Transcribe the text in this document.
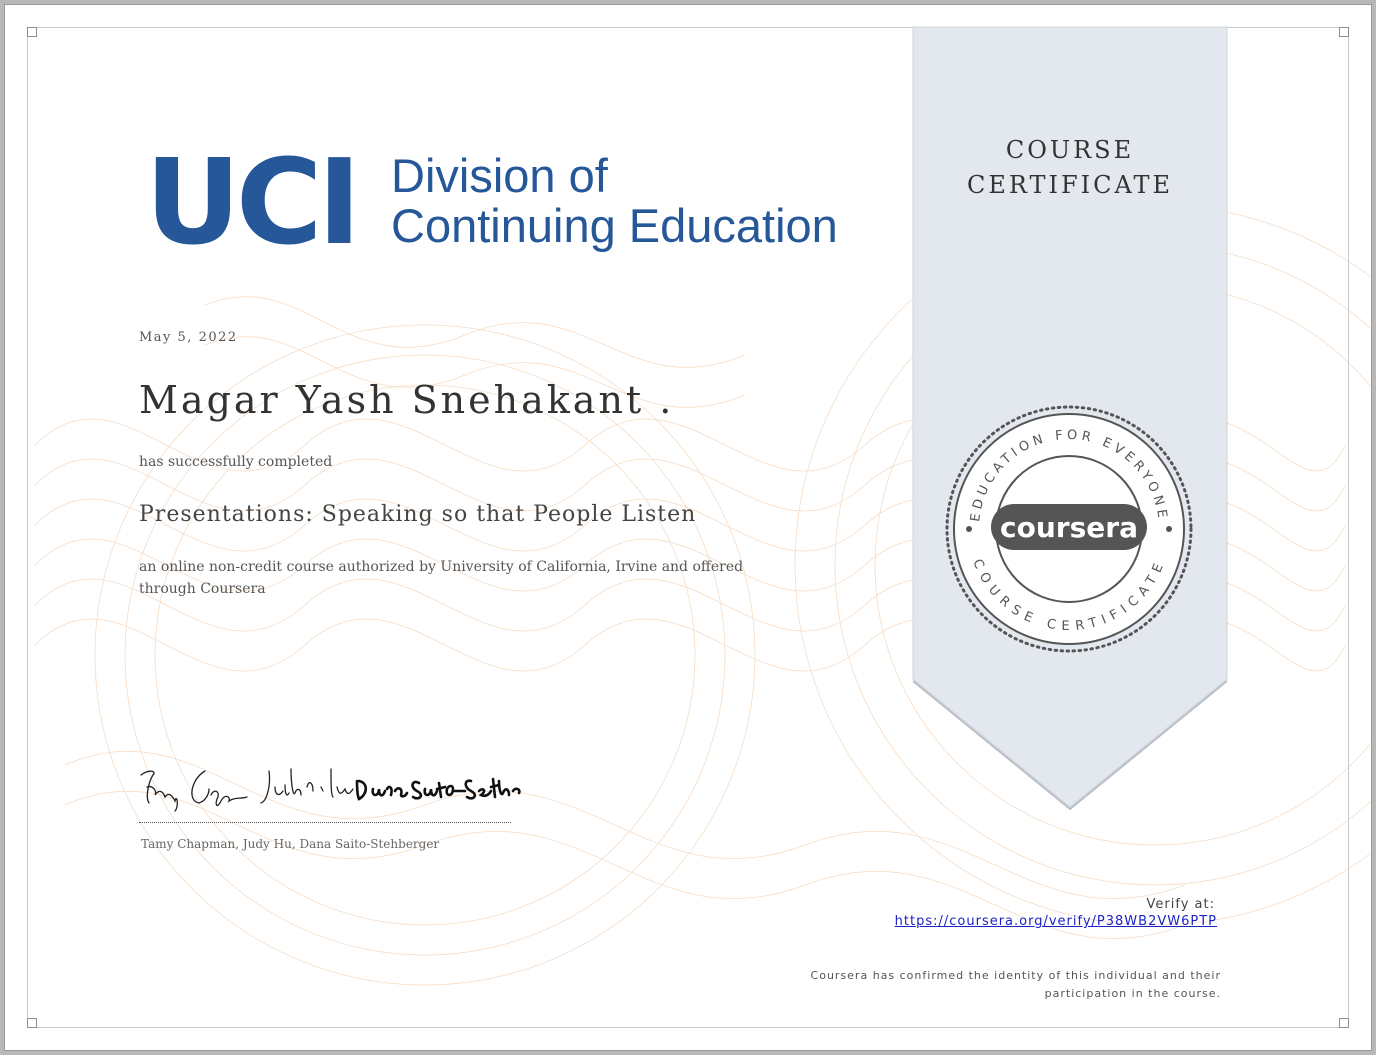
COURSE
CERTIFICATE
UCI Division of
Continuing Education
May 5, 2022
Magar Yash Snehakant .
has successfully completed
Presentations: Speaking so that People Listen
an online non-credit course authorized by University of California, Irvine and offered through Coursera
Tamy Chapman, Judy Hu, Dana Saito-Stehberger
EDUCATION FOR EVERYONE
COURSE CERTIFICATE
coursera
Verify at:
https://coursera.org/verify/P38WB2VW6PTP
Coursera has confirmed the identity of this individual and their participation in the course.
